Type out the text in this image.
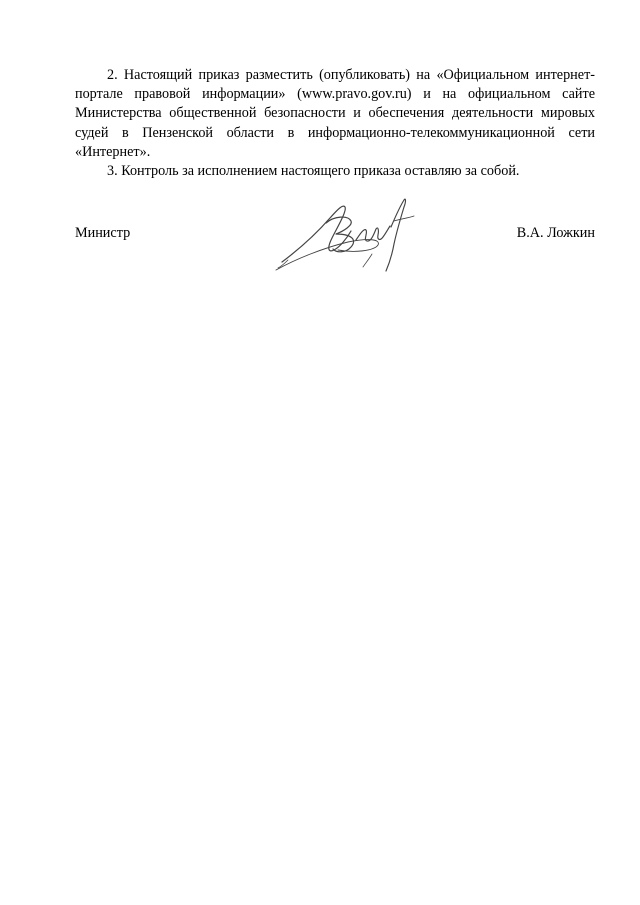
2. Настоящий приказ разместить (опубликовать) на «Официальном интернет-портале правовой информации» (www.pravo.gov.ru) и на официальном сайте Министерства общественной безопасности и обеспечения деятельности мировых судей в Пензенской области в информационно-телекоммуникационной сети «Интернет».

3. Контроль за исполнением настоящего приказа оставляю за собой.

Министр	В.А. Ложкин
